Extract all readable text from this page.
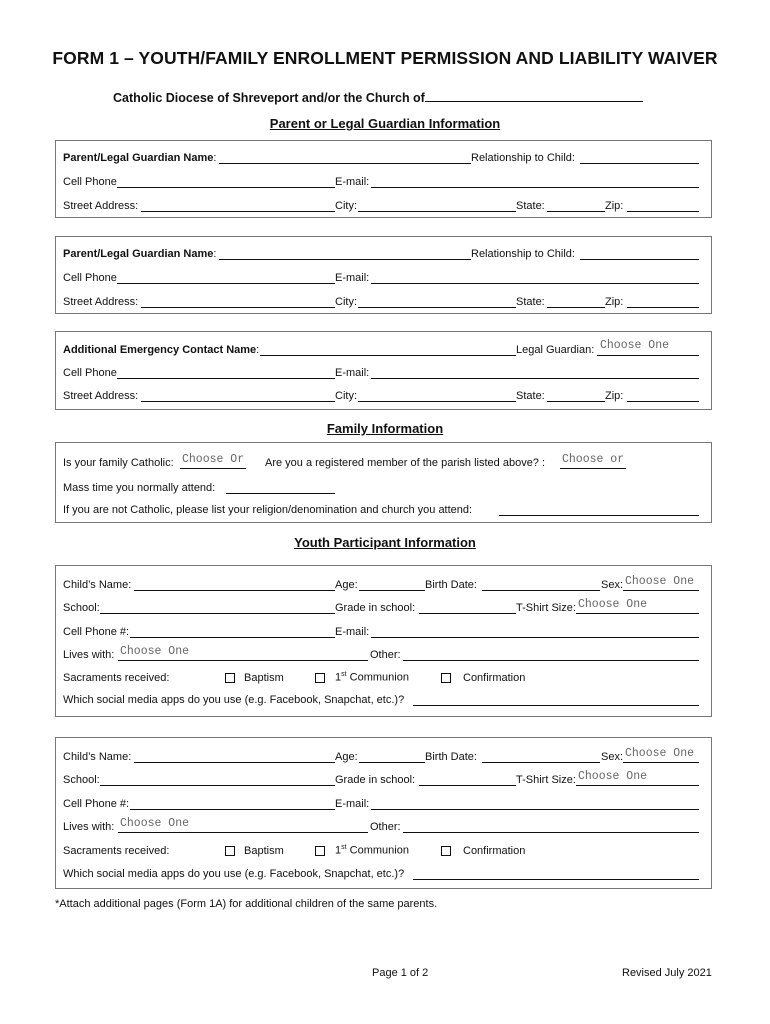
FORM 1 – YOUTH/FAMILY ENROLLMENT PERMISSION AND LIABILITY WAIVER
Catholic Diocese of Shreveport and/or the Church of
Parent or Legal Guardian Information
Parent/Legal Guardian Name:	Relationship to Child:
Cell Phone	E-mail:
Street Address:	City:	State:	Zip:
Parent/Legal Guardian Name:	Relationship to Child:
Cell Phone	E-mail:
Street Address:	City:	State:	Zip:
Additional Emergency Contact Name:	Legal Guardian: Choose One
Cell Phone	E-mail:
Street Address:	City:	State:	Zip:
Family Information
Is your family Catholic: Choose Or Are you a registered member of the parish listed above? : Choose or
Mass time you normally attend:
If you are not Catholic, please list your religion/denomination and church you attend:
Youth Participant Information
Child’s Name:	Age:	Birth Date:	Sex: Choose One
School:	Grade in school:	T-Shirt Size: Choose One
Cell Phone #:	E-mail:
Lives with: Choose One	Other:
Sacraments received:	Baptism	1st Communion	Confirmation
Which social media apps do you use (e.g. Facebook, Snapchat, etc.)?
Child’s Name:	Age:	Birth Date:	Sex: Choose One
School:	Grade in school:	T-Shirt Size: Choose One
Cell Phone #:	E-mail:
Lives with: Choose One	Other:
Sacraments received:	Baptism	1st Communion	Confirmation
Which social media apps do you use (e.g. Facebook, Snapchat, etc.)?
*Attach additional pages (Form 1A) for additional children of the same parents.
Page 1 of 2	Revised July 2021
